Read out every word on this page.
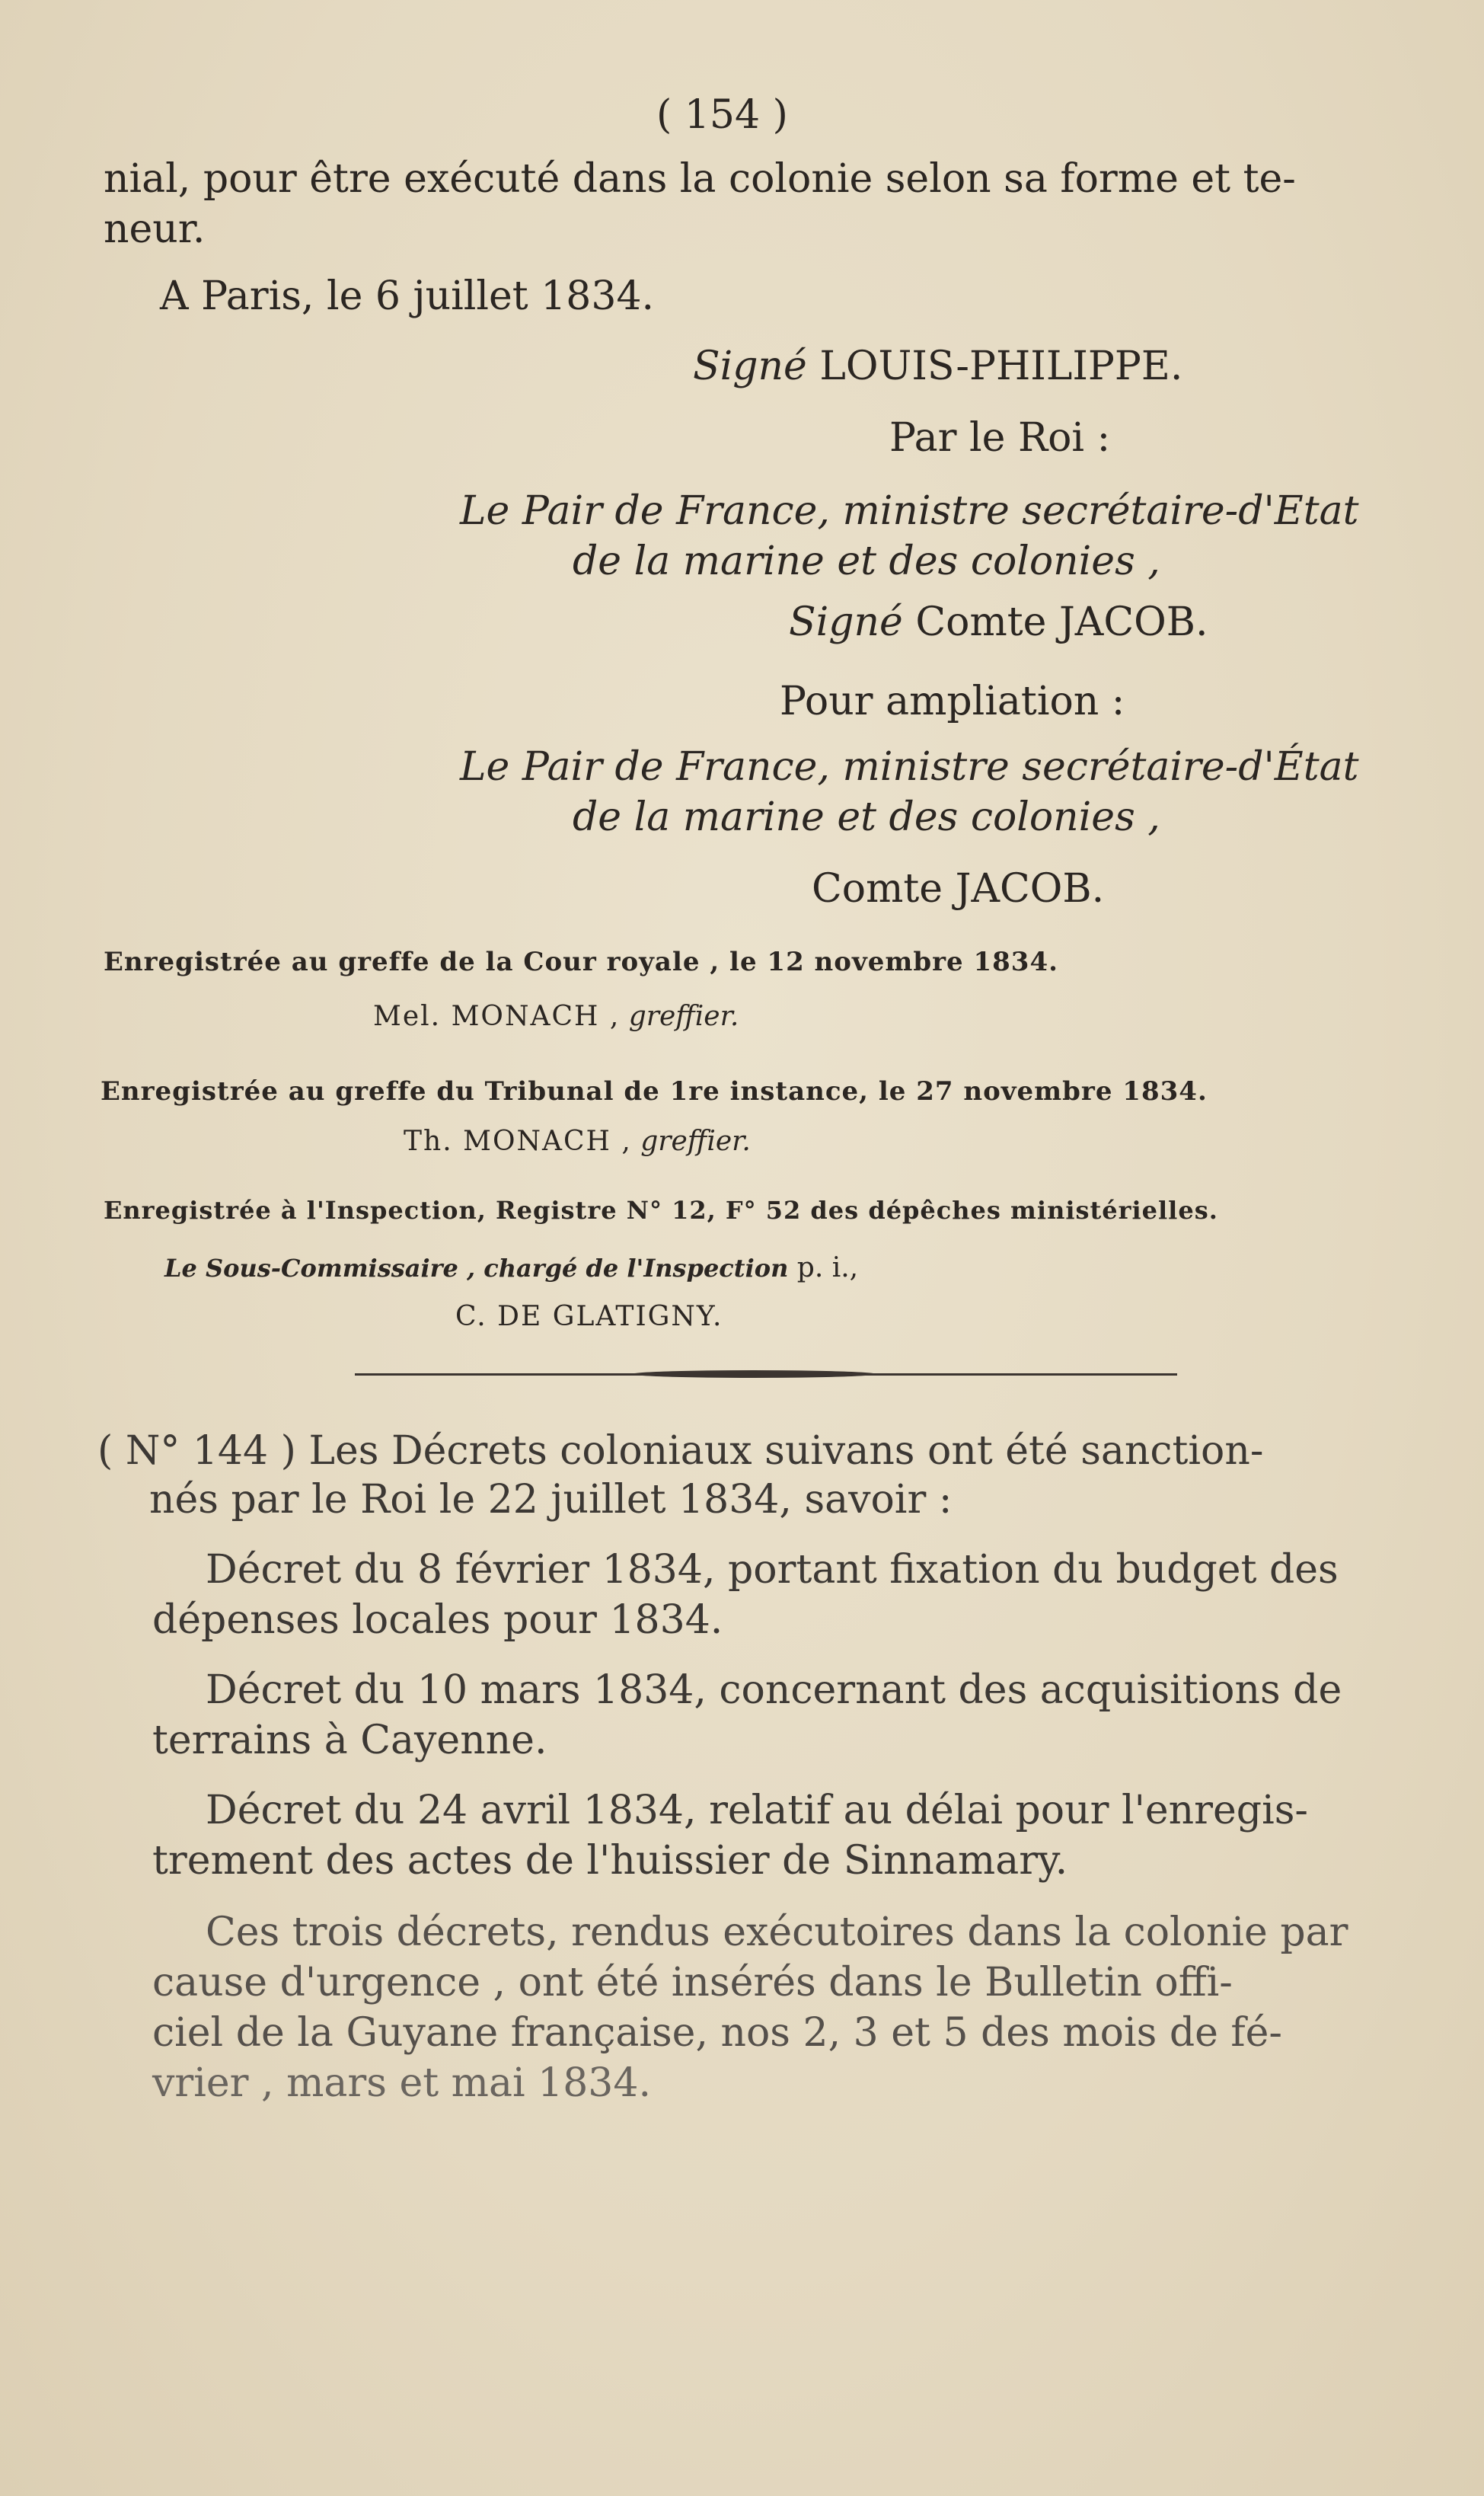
( 154 )
nial, pour être exécuté dans la colonie selon sa forme et te-
neur.
A Paris, le 6 juillet 1834.
Signé LOUIS-PHILIPPE.
Par le Roi :
Le Pair de France, ministre secrétaire-d'Etat
de la marine et des colonies ,
Signé Comte JACOB.
Pour ampliation :
Le Pair de France, ministre secrétaire-d'État
de la marine et des colonies ,
Comte JACOB.
Enregistrée au greffe de la Cour royale , le 12 novembre 1834.
Mel. MONACH , greffier.
Enregistrée au greffe du Tribunal de 1re instance, le 27 novembre 1834.
Th. MONACH , greffier.
Enregistrée à l'Inspection, Registre N° 12, F° 52 des dépêches ministérielles.
Le Sous-Commissaire , chargé de l'Inspection p. i.,
C. DE GLATIGNY.
( N° 144 ) Les Décrets coloniaux suivans ont été sanction-
nés par le Roi le 22 juillet 1834, savoir :
Décret du 8 février 1834, portant fixation du budget des
dépenses locales pour 1834.
Décret du 10 mars 1834, concernant des acquisitions de
terrains à Cayenne.
Décret du 24 avril 1834, relatif au délai pour l'enregis-
trement des actes de l'huissier de Sinnamary.
Ces trois décrets, rendus exécutoires dans la colonie par
cause d'urgence , ont été insérés dans le Bulletin offi-
ciel de la Guyane française, nos 2, 3 et 5 des mois de fé-
vrier , mars et mai 1834.
